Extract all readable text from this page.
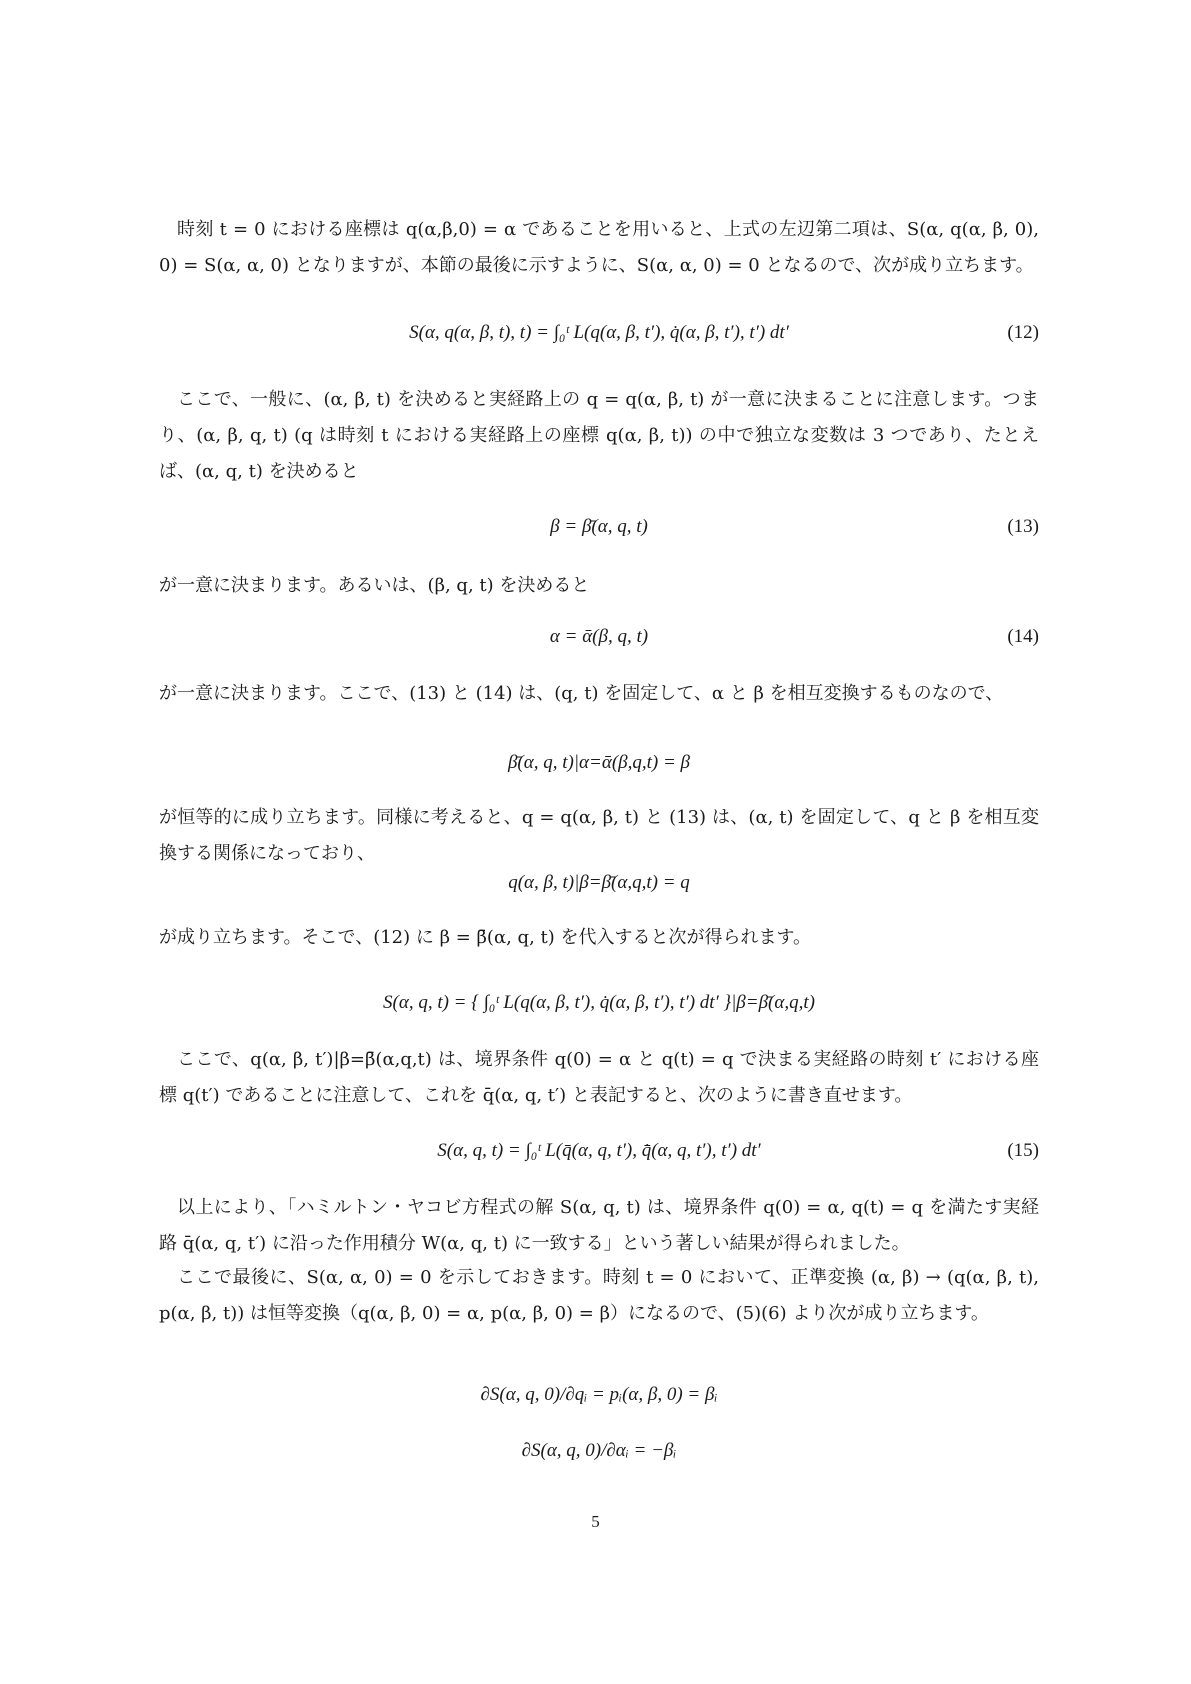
時刻 t = 0 における座標は q(α,β,0) = α であることを用いると、上式の左辺第二項は、S(α, q(α, β, 0), 0) = S(α, α, 0) となりますが、本節の最後に示すように、S(α, α, 0) = 0 となるので、次が成り立ちます。

S(α, q(α, β, t), t) = ∫₀ᵗ L(q(α, β, t′), q̇(α, β, t′), t′) dt′	(12)

ここで、一般に、(α, β, t) を決めると実経路上の q = q(α, β, t) が一意に決まることに注意します。つまり、(α, β, q, t) (q は時刻 t における実経路上の座標 q(α, β, t)) の中で独立な変数は 3 つであり、たとえば、(α, q, t) を決めると

β = β̄(α, q, t)	(13)

が一意に決まります。あるいは、(β, q, t) を決めると

α = ᾱ(β, q, t)	(14)

が一意に決まります。ここで、(13) と (14) は、(q, t) を固定して、α と β を相互変換するものなので、

β̄(α, q, t)|α=ᾱ(β,q,t) = β

が恒等的に成り立ちます。同様に考えると、q = q(α, β, t) と (13) は、(α, t) を固定して、q と β を相互変換する関係になっており、

q(α, β, t)|β=β̄(α,q,t) = q

が成り立ちます。そこで、(12) に β = β̄(α, q, t) を代入すると次が得られます。

S(α, q, t) = { ∫₀ᵗ L(q(α, β, t′), q̇(α, β, t′), t′) dt′ }|β=β̄(α,q,t)

ここで、q(α, β, t′)|β=β̄(α,q,t) は、境界条件 q(0) = α と q(t) = q で決まる実経路の時刻 t′ における座標 q(t′) であることに注意して、これを q̄(α, q, t′) と表記すると、次のように書き直せます。

S(α, q, t) = ∫₀ᵗ L(q̄(α, q, t′), q̄̇(α, q, t′), t′) dt′	(15)

以上により、「ハミルトン・ヤコビ方程式の解 S(α, q, t) は、境界条件 q(0) = α, q(t) = q を満たす実経路 q̄(α, q, t′) に沿った作用積分 W(α, q, t) に一致する」という著しい結果が得られました。

ここで最後に、S(α, α, 0) = 0 を示しておきます。時刻 t = 0 において、正準変換 (α, β) → (q(α, β, t), p(α, β, t)) は恒等変換（q(α, β, 0) = α, p(α, β, 0) = β）になるので、(5)(6) より次が成り立ちます。

∂S(α, q, 0)/∂qᵢ = pᵢ(α, β, 0) = βᵢ
∂S(α, q, 0)/∂αᵢ = −βᵢ
5
